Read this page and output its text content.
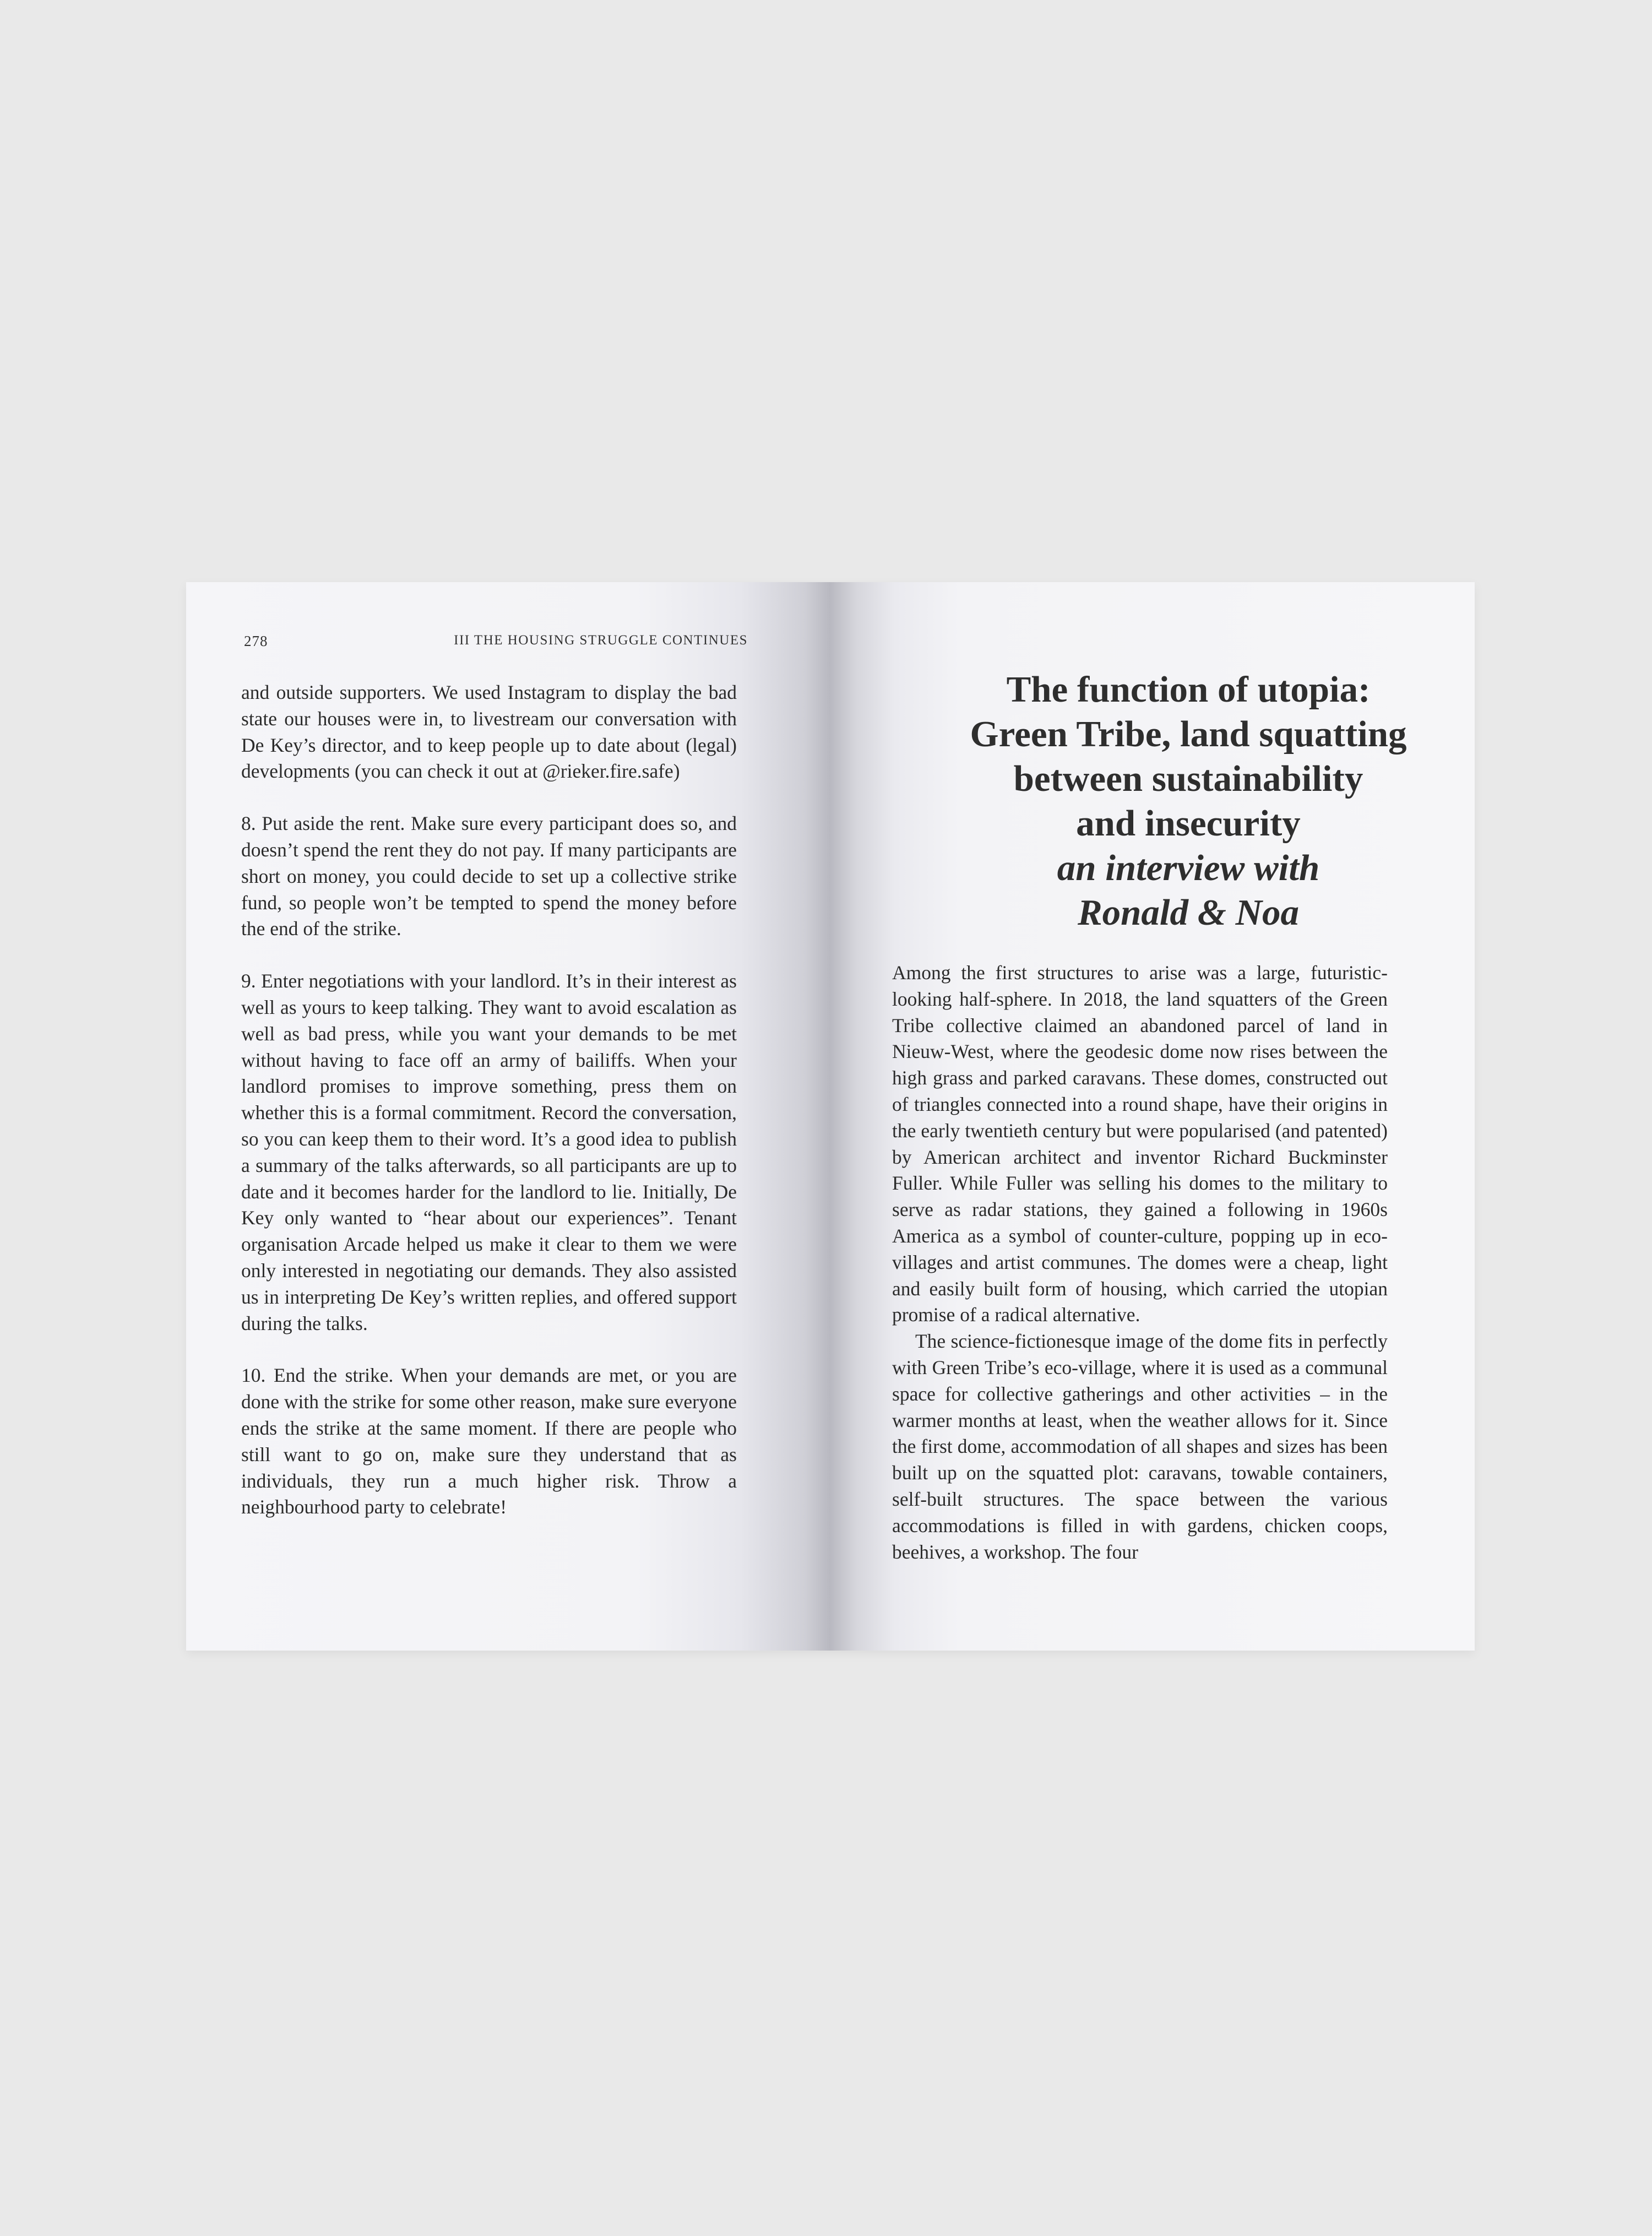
278	III THE HOUSING STRUGGLE CONTINUES

and outside supporters. We used Instagram to display the bad state our houses were in, to livestream our conversation with De Key’s director, and to keep people up to date about (legal) developments (you can check it out at @rieker.fire.safe)

8. Put aside the rent. Make sure every participant does so, and doesn’t spend the rent they do not pay. If many participants are short on money, you could decide to set up a collective strike fund, so people won’t be tempted to spend the money before the end of the strike.

9. Enter negotiations with your landlord. It’s in their interest as well as yours to keep talking. They want to avoid escalation as well as bad press, while you want your demands to be met without having to face off an army of bailiffs. When your landlord promises to improve something, press them on whether this is a formal commitment. Record the conversation, so you can keep them to their word. It’s a good idea to publish a summary of the talks afterwards, so all participants are up to date and it becomes harder for the landlord to lie. Initially, De Key only wanted to “hear about our experiences”. Tenant organisation Arcade helped us make it clear to them we were only interested in negotiating our demands. They also assisted us in interpreting De Key’s written replies, and offered support during the talks.

10. End the strike. When your demands are met, or you are done with the strike for some other reason, make sure everyone ends the strike at the same moment. If there are people who still want to go on, make sure they understand that as individuals, they run a much higher risk. Throw a neighbourhood party to celebrate!

The function of utopia:
Green Tribe, land squatting
between sustainability
and insecurity
an interview with
Ronald & Noa

Among the first structures to arise was a large, futuristic-looking half-sphere. In 2018, the land squatters of the Green Tribe collective claimed an abandoned parcel of land in Nieuw-West, where the geodesic dome now rises between the high grass and parked caravans. These domes, constructed out of triangles connected into a round shape, have their origins in the early twentieth century but were popularised (and patented) by American architect and inventor Richard Buckminster Fuller. While Fuller was selling his domes to the military to serve as radar stations, they gained a following in 1960s America as a symbol of counter-culture, popping up in eco-villages and artist communes. The domes were a cheap, light and easily built form of housing, which carried the utopian promise of a radical alternative.

The science-fictionesque image of the dome fits in perfectly with Green Tribe’s eco-village, where it is used as a communal space for collective gatherings and other activities – in the warmer months at least, when the weather allows for it. Since the first dome, accommodation of all shapes and sizes has been built up on the squatted plot: caravans, towable containers, self-built structures. The space between the various accommodations is filled in with gardens, chicken coops, beehives, a workshop. The four
